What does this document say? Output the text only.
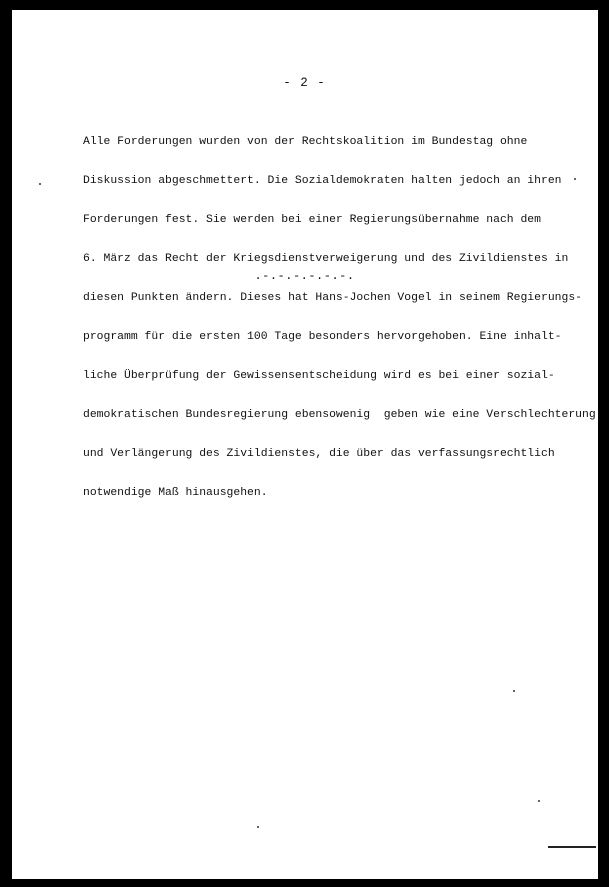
- 2 -

Alle Forderungen wurden von der Rechtskoalition im Bundestag ohne

Diskussion abgeschmettert. Die Sozialdemokraten halten jedoch an ihren

Forderungen fest. Sie werden bei einer Regierungsübernahme nach dem

6. März das Recht der Kriegsdienstverweigerung und des Zivildienstes in

diesen Punkten ändern. Dieses hat Hans-Jochen Vogel in seinem Regierungs-

programm für die ersten 100 Tage besonders hervorgehoben. Eine inhalt-

liche Überprüfung der Gewissensentscheidung wird es bei einer sozial-

demokratischen Bundesregierung ebensowenig  geben wie eine Verschlechterung

und Verlängerung des Zivildienstes, die über das verfassungsrechtlich

notwendige Maß hinausgehen.

.-.-.-.-.-.-.
